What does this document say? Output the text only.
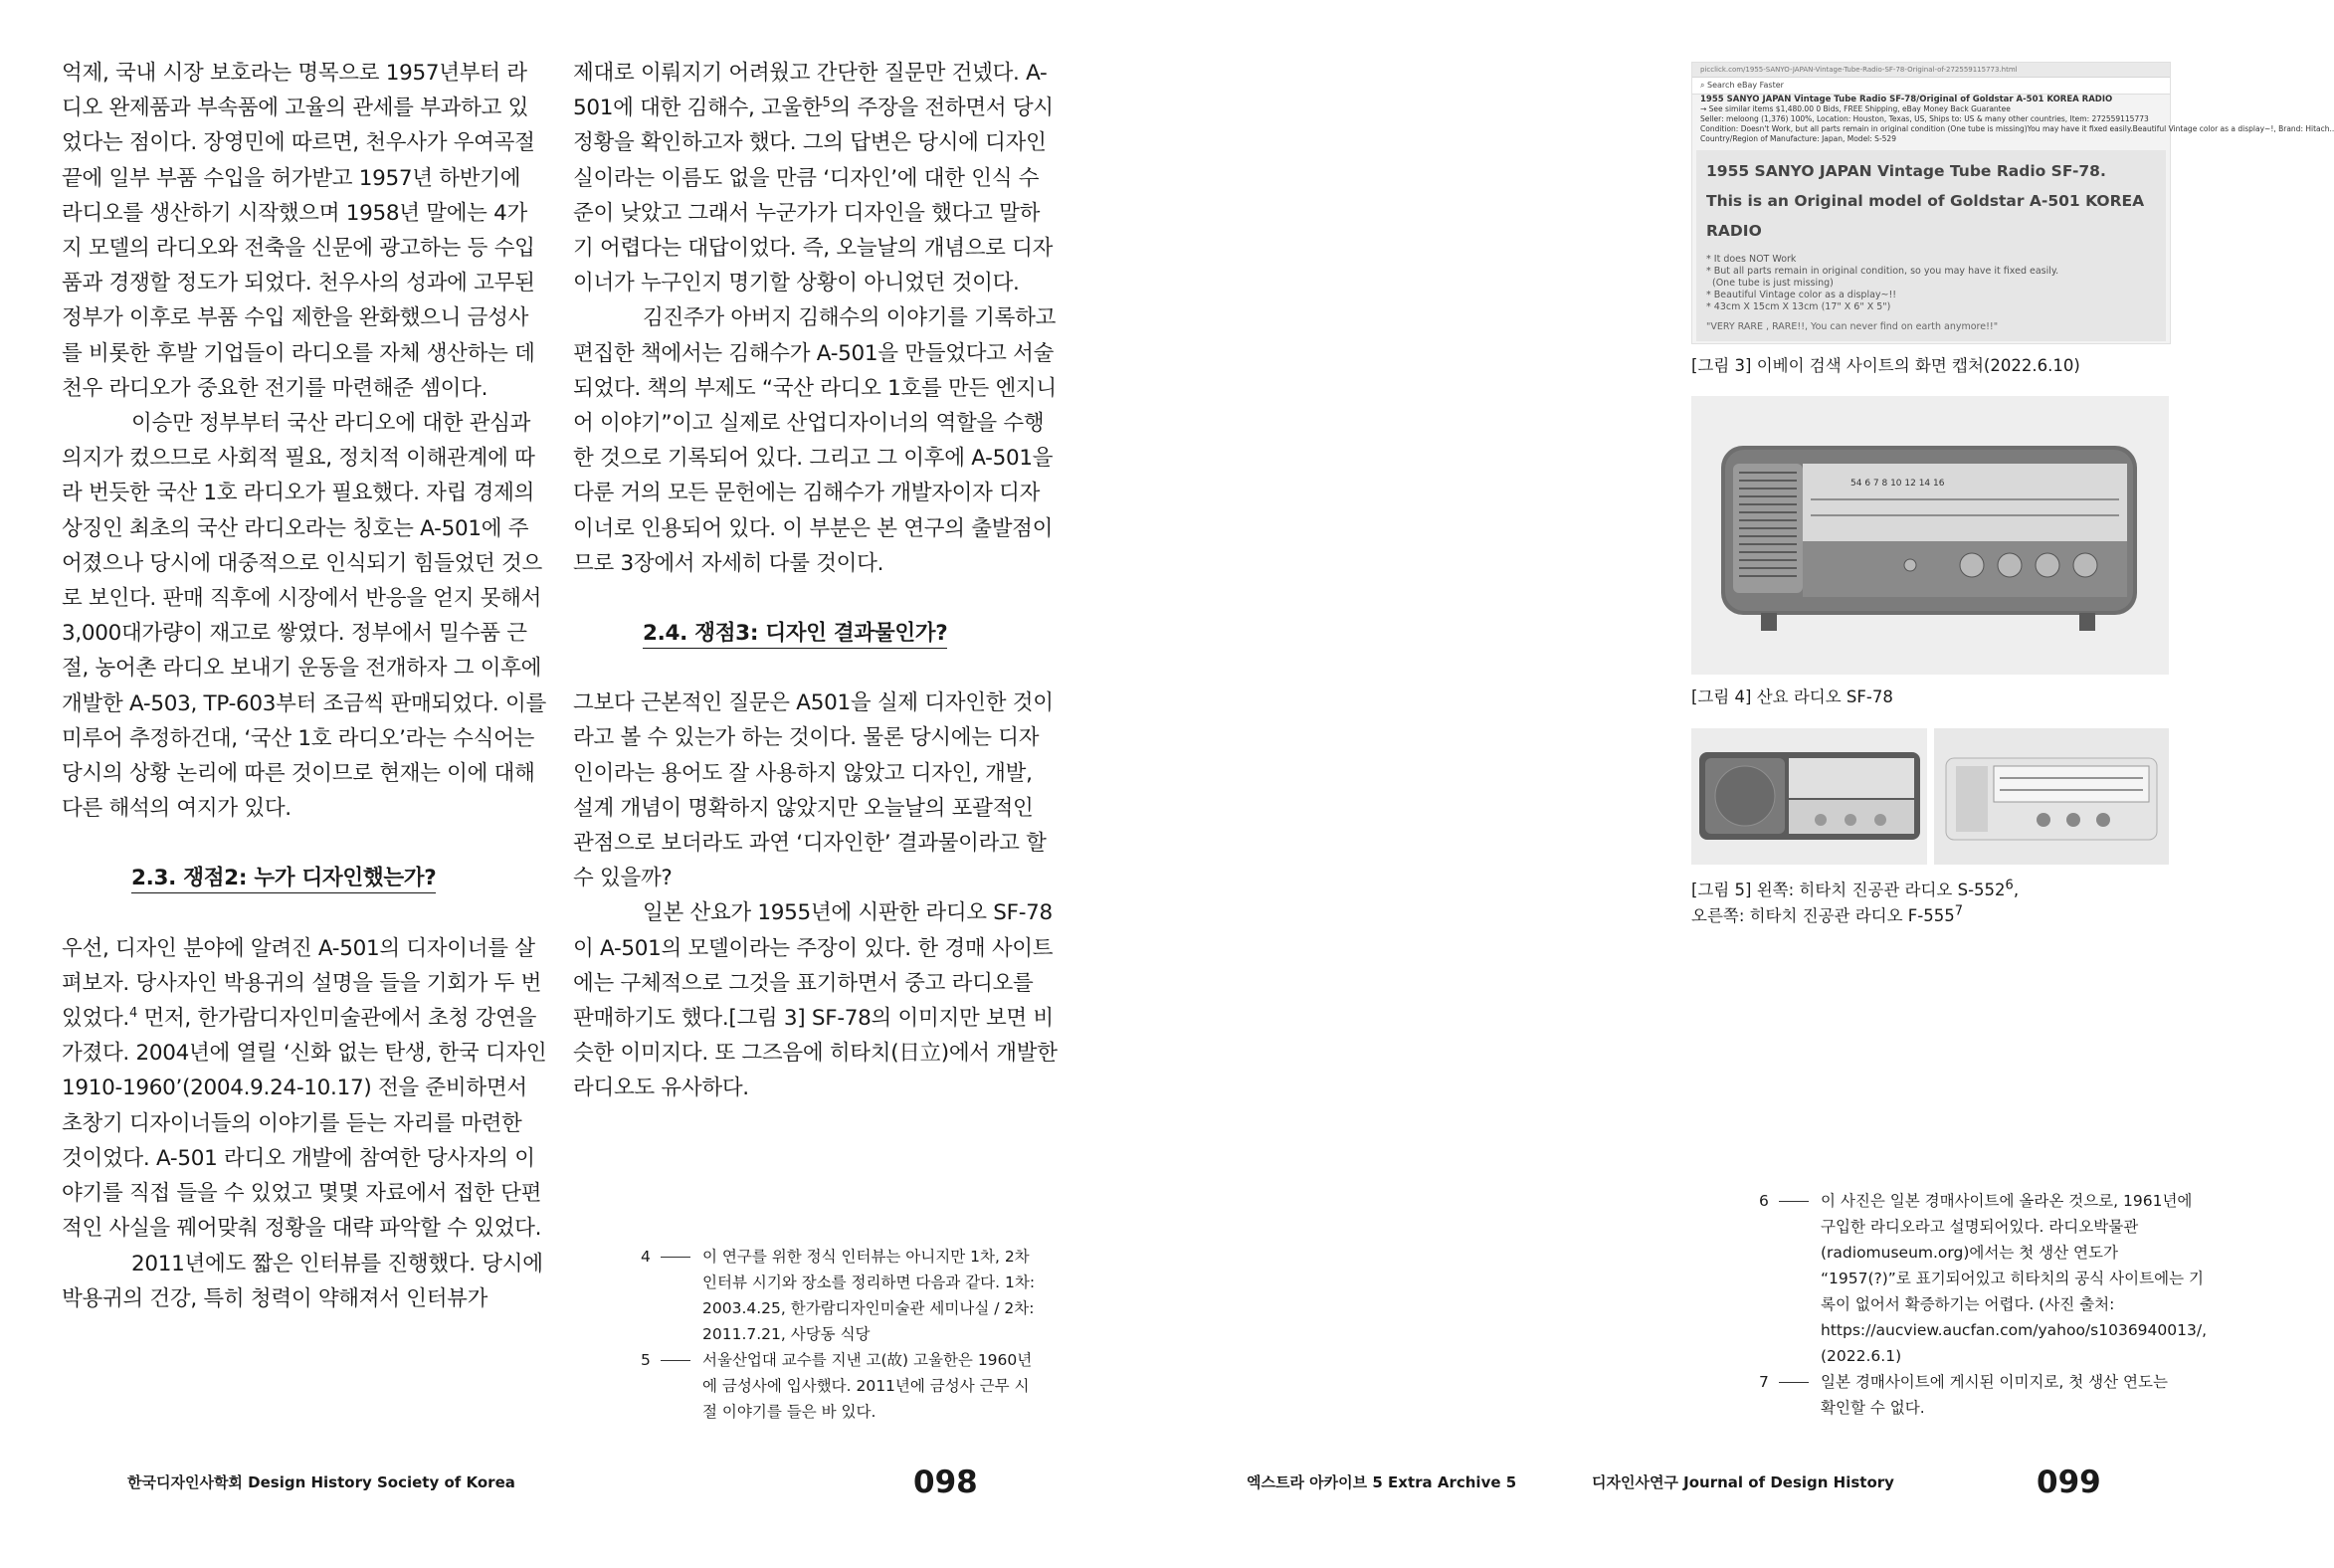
억제, 국내 시장 보호라는 명목으로 1957년부터 라디오 완제품과 부속품에 고율의 관세를 부과하고 있었다는 점이다. 장영민에 따르면, 천우사가 우여곡절 끝에 일부 부품 수입을 허가받고 1957년 하반기에 라디오를 생산하기 시작했으며 1958년 말에는 4가지 모델의 라디오와 전축을 신문에 광고하는 등 수입품과 경쟁할 정도가 되었다. 천우사의 성과에 고무된 정부가 이후로 부품 수입 제한을 완화했으니 금성사를 비롯한 후발 기업들이 라디오를 자체 생산하는 데 천우 라디오가 중요한 전기를 마련해준 셈이다.

이승만 정부부터 국산 라디오에 대한 관심과 의지가 컸으므로 사회적 필요, 정치적 이해관계에 따라 번듯한 국산 1호 라디오가 필요했다. 자립 경제의 상징인 최초의 국산 라디오라는 칭호는 A-501에 주어졌으나 당시에 대중적으로 인식되기 힘들었던 것으로 보인다. 판매 직후에 시장에서 반응을 얻지 못해서 3,000대가량이 재고로 쌓였다. 정부에서 밀수품 근절, 농어촌 라디오 보내기 운동을 전개하자 그 이후에 개발한 A-503, TP-603부터 조금씩 판매되었다. 이를 미루어 추정하건대, ‘국산 1호 라디오’라는 수식어는 당시의 상황 논리에 따른 것이므로 현재는 이에 대해 다른 해석의 여지가 있다.

2.3. 쟁점2: 누가 디자인했는가?

우선, 디자인 분야에 알려진 A-501의 디자이너를 살펴보자. 당사자인 박용귀의 설명을 들을 기회가 두 번 있었다.$^4$ 먼저, 한가람디자인미술관에서 초청 강연을 가졌다. 2004년에 열릴 ‘신화 없는 탄생, 한국 디자인 1910-1960’(2004.9.24-10.17) 전을 준비하면서 초창기 디자이너들의 이야기를 듣는 자리를 마련한 것이었다. A-501 라디오 개발에 참여한 당사자의 이야기를 직접 들을 수 있었고 몇몇 자료에서 접한 단편적인 사실을 꿰어맞춰 정황을 대략 파악할 수 있었다.

2011년에도 짧은 인터뷰를 진행했다. 당시에 박용귀의 건강, 특히 청력이 약해져서 인터뷰가

제대로 이뤄지기 어려웠고 간단한 질문만 건넸다. A-501에 대한 김해수, 고울한$^5$의 주장을 전하면서 당시 정황을 확인하고자 했다. 그의 답변은 당시에 디자인실이라는 이름도 없을 만큼 ‘디자인’에 대한 인식 수준이 낮았고 그래서 누군가가 디자인을 했다고 말하기 어렵다는 대답이었다. 즉, 오늘날의 개념으로 디자이너가 누구인지 명기할 상황이 아니었던 것이다.

김진주가 아버지 김해수의 이야기를 기록하고 편집한 책에서는 김해수가 A-501을 만들었다고 서술되었다. 책의 부제도 “국산 라디오 1호를 만든 엔지니어 이야기”이고 실제로 산업디자이너의 역할을 수행한 것으로 기록되어 있다. 그리고 그 이후에 A-501을 다룬 거의 모든 문헌에는 김해수가 개발자이자 디자이너로 인용되어 있다. 이 부분은 본 연구의 출발점이므로 3장에서 자세히 다룰 것이다.

2.4. 쟁점3: 디자인 결과물인가?

그보다 근본적인 질문은 A501을 실제 디자인한 것이라고 볼 수 있는가 하는 것이다. 물론 당시에는 디자인이라는 용어도 잘 사용하지 않았고 디자인, 개발, 설계 개념이 명확하지 않았지만 오늘날의 포괄적인 관점으로 보더라도 과연 ‘디자인한’ 결과물이라고 할 수 있을까?

일본 산요가 1955년에 시판한 라디오 SF-78이 A-501의 모델이라는 주장이 있다. 한 경매 사이트에는 구체적으로 그것을 표기하면서 중고 라디오를 판매하기도 했다.[그림 3] SF-78의 이미지만 보면 비슷한 이미지다. 또 그즈음에 히타치(日立)에서 개발한 라디오도 유사하다.

4	이 연구를 위한 정식 인터뷰는 아니지만 1차, 2차 인터뷰 시기와 장소를 정리하면 다음과 같다. 1차: 2003.4.25, 한가람디자인미술관 세미나실 / 2차: 2011.7.21, 사당동 식당
5	서울산업대 교수를 지낸 고(故) 고울한은 1960년에 금성사에 입사했다. 2011년에 금성사 근무 시절 이야기를 들은 바 있다.
picclick.com/1955-SANYO-JAPAN-Vintage-Tube-Radio-SF-78-Original-of-272559115773.html
⌕ Search eBay Faster
1955 SANYO JAPAN Vintage Tube Radio SF-78/Original of Goldstar A-501 KOREA RADIO
→ See similar items $1,480.00 0 Bids, FREE Shipping, eBay Money Back Guarantee
Seller: meloong (1,376) 100%, Location: Houston, Texas, US, Ships to: US & many other countries, Item: 272559115773
Condition: Doesn't Work, but all parts remain in original condition (One tube is missing)You may have it fixed easily.Beautiful Vintage color as a display~!, Brand: Hitach..
Country/Region of Manufacture: Japan, Model: S-529
1955 SANYO JAPAN Vintage Tube Radio SF-78.
This is an Original model of Goldstar A-501 KOREA RADIO
* It does NOT Work
* But all parts remain in original condition, so you may have it fixed easily.
(One tube is just missing)
* Beautiful Vintage color as a display~!!
* 43cm X 15cm X 13cm (17" X 6" X 5")
"VERY RARE , RARE!!, You can never find on earth anymore!!"
[그림 3] 이베이 검색 사이트의 화면 캡처(2022.6.10)
54 6 7 8 10 12 14 16
[그림 4] 산요 라디오 SF-78
[그림 5] 왼쪽: 히타치 진공관 라디오 $S-552^6$,
오른쪽: 히타치 진공관 라디오 $F-555^7$
6	이 사진은 일본 경매사이트에 올라온 것으로, 1961년에 구입한 라디오라고 설명되어있다. 라디오박물관(radiomuseum.org)에서는 첫 생산 연도가 “1957(?)”로 표기되어있고 히타치의 공식 사이트에는 기록이 없어서 확증하기는 어렵다. (사진 출처: https://aucview.aucfan.com/yahoo/s1036940013/, (2022.6.1)
7	일본 경매사이트에 게시된 이미지로, 첫 생산 연도는 확인할 수 없다.
한국디자인사학회 Design History Society of Korea	098	엑스트라 아카이브 5 Extra Archive 5	디자인사연구 Journal of Design History	099
